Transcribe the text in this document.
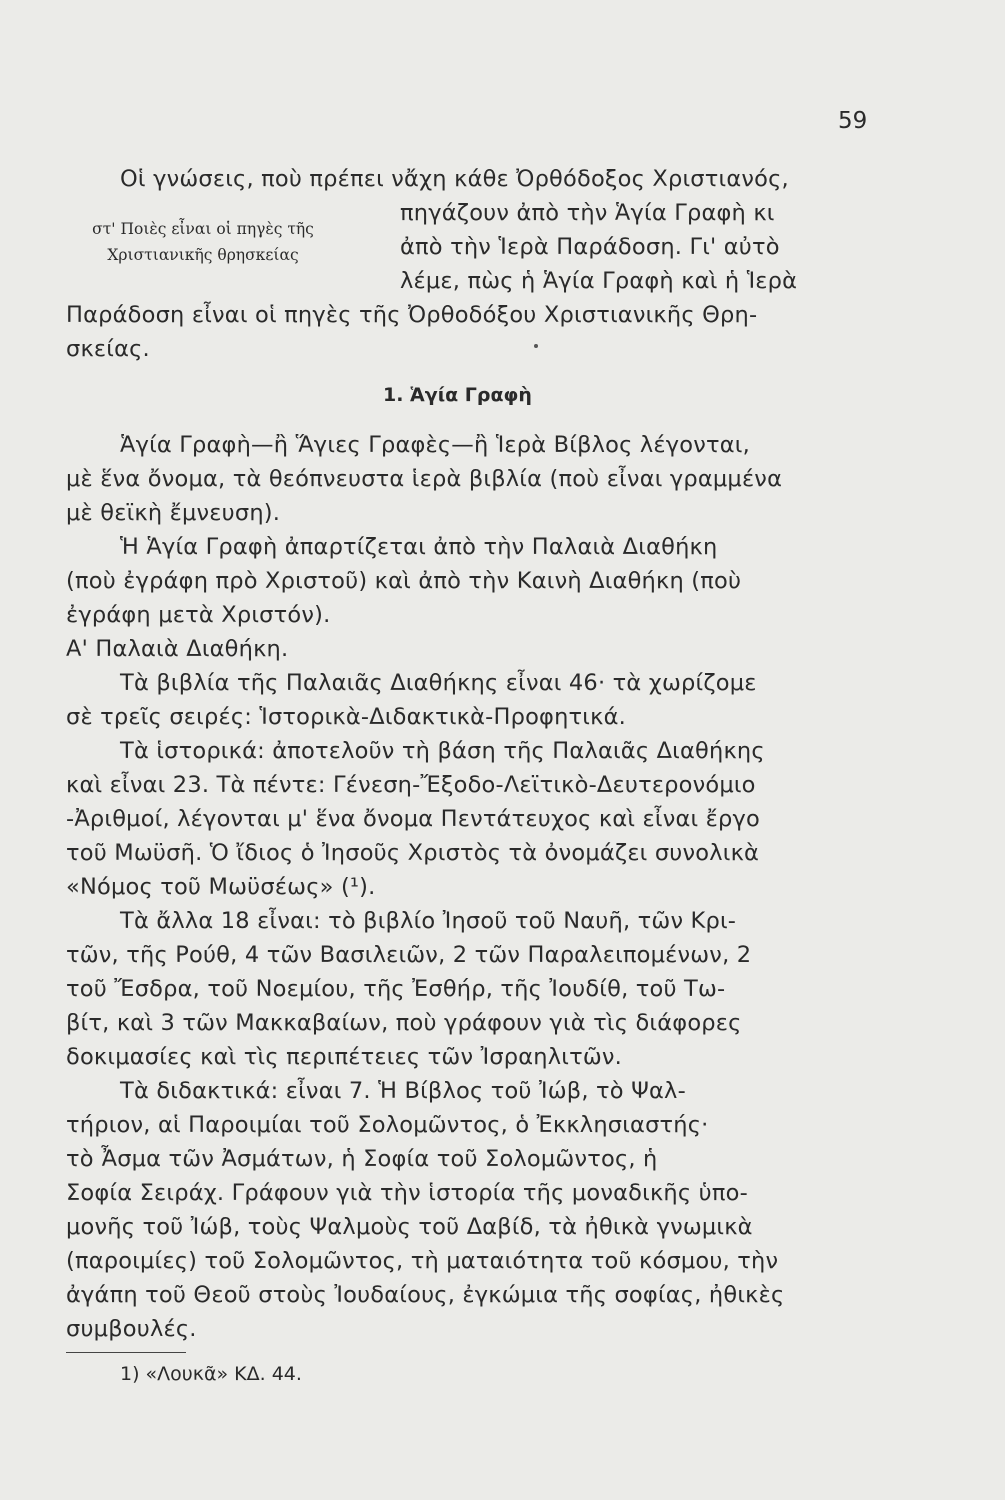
59
Οἱ γνώσεις, ποὺ πρέπει νἄχη κάθε Ὀρθόδοξος Χριστιανός,
πηγάζουν ἀπὸ τὴν Ἁγία Γραφὴ κι
στ' Ποιὲς εἶναι οἱ πηγὲς τῆς Χριστιανικῆς θρησκείας	ἀπὸ τὴν Ἱερὰ Παράδοση. Γι' αὐτὸ
λέμε, πὼς ἡ Ἁγία Γραφὴ καὶ ἡ Ἱερὰ
Παράδοση εἶναι οἱ πηγὲς τῆς Ὀρθοδόξου Χριστιανικῆς Θρη-
σκείας.
1. Ἁγία Γραφὴ
Ἁγία Γραφὴ—ἢ Ἅγιες Γραφὲς—ἢ Ἱερὰ Βίβλος λέγονται,
μὲ ἕνα ὄνομα, τὰ θεόπνευστα ἱερὰ βιβλία (ποὺ εἶναι γραμμένα
μὲ θεϊκὴ ἔμνευση).
Ἡ Ἁγία Γραφὴ ἀπαρτίζεται ἀπὸ τὴν Παλαιὰ Διαθήκη
(ποὺ ἐγράφη πρὸ Χριστοῦ) καὶ ἀπὸ τὴν Καινὴ Διαθήκη (ποὺ
ἐγράφη μετὰ Χριστόν).
Α' Παλαιὰ Διαθήκη.
Τὰ βιβλία τῆς Παλαιᾶς Διαθήκης εἶναι 46· τὰ χωρίζομε
σὲ τρεῖς σειρές: Ἱστορικὰ-Διδακτικὰ-Προφητικά.
Τὰ ἱστορικά: ἀποτελοῦν τὴ βάση τῆς Παλαιᾶς Διαθήκης
καὶ εἶναι 23. Τὰ πέντε: Γένεση-Ἔξοδο-Λεϊτικὸ-Δευτερονόμιο
-Ἀριθμοί, λέγονται μ' ἕνα ὄνομα Πεντάτευχος καὶ εἶναι ἔργο
τοῦ Μωϋσῆ. Ὁ ἴδιος ὁ Ἰησοῦς Χριστὸς τὰ ὀνομάζει συνολικὰ
«Νόμος τοῦ Μωϋσέως» (¹).
Τὰ ἄλλα 18 εἶναι: τὸ βιβλίο Ἰησοῦ τοῦ Ναυῆ, τῶν Κρι-
τῶν, τῆς Ρούθ, 4 τῶν Βασιλειῶν, 2 τῶν Παραλειπομένων, 2
τοῦ Ἔσδρα, τοῦ Νοεμίου, τῆς Ἐσθήρ, τῆς Ἰουδίθ, τοῦ Τω-
βίτ, καὶ 3 τῶν Μακκαβαίων, ποὺ γράφουν γιὰ τὶς διάφορες
δοκιμασίες καὶ τὶς περιπέτειες τῶν Ἰσραηλιτῶν.
Τὰ διδακτικά: εἶναι 7. Ἡ Βίβλος τοῦ Ἰώβ, τὸ Ψαλ-
τήριον, αἱ Παροιμίαι τοῦ Σολομῶντος, ὁ Ἐκκλησιαστής·
τὸ Ἆσμα τῶν Ἀσμάτων, ἡ Σοφία τοῦ Σολομῶντος, ἡ
Σοφία Σειράχ. Γράφουν γιὰ τὴν ἱστορία τῆς μοναδικῆς ὑπο-
μονῆς τοῦ Ἰώβ, τοὺς Ψαλμοὺς τοῦ Δαβίδ, τὰ ἠθικὰ γνωμικὰ
(παροιμίες) τοῦ Σολομῶντος, τὴ ματαιότητα τοῦ κόσμου, τὴν
ἀγάπη τοῦ Θεοῦ στοὺς Ἰουδαίους, ἐγκώμια τῆς σοφίας, ἠθικὲς
συμβουλές.
1) «Λουκᾶ» ΚΔ. 44.
